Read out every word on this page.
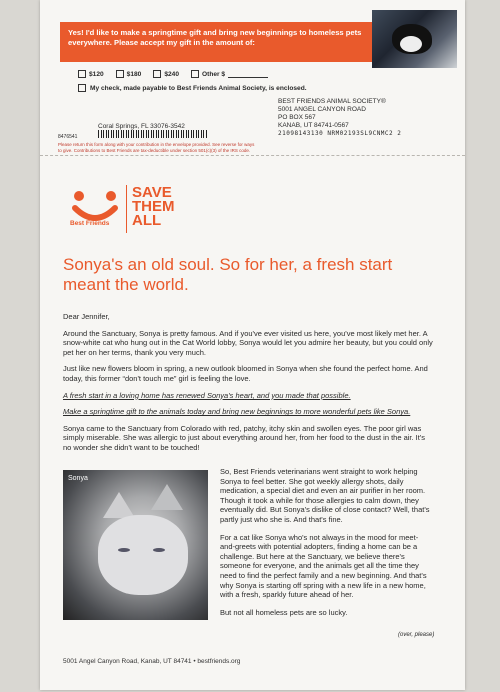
Yes! I'd like to make a springtime gift and bring new beginnings to homeless pets everywhere. Please accept my gift in the amount of:
$120	$180	$240	Other $
My check, made payable to Best Friends Animal Society, is enclosed.
8476541
Coral Springs, FL 33076-3542
BEST FRIENDS ANIMAL SOCIETY®
5001 ANGEL CANYON ROAD
PO BOX 567
KANAB, UT 84741-0567
21098143130 NRM02193SL9CNMC2 2
Please return this form along with your contribution in the envelope provided. See reverse for ways to give. Contributions to Best Friends are tax-deductible under section 501(c)(3) of the IRS code.
Best Friends
SAVE
THEM
ALL
Sonya's an old soul. So for her, a fresh start meant the world.

Dear Jennifer,

Around the Sanctuary, Sonya is pretty famous. And if you've ever visited us here, you've most likely met her. A snow-white cat who hung out in the Cat World lobby, Sonya would let you admire her beauty, but you could only pet her on her terms, thank you very much.

Just like new flowers bloom in spring, a new outlook bloomed in Sonya when she found the perfect home. And today, this former “don't touch me” girl is feeling the love.

A fresh start in a loving home has renewed Sonya's heart, and you made that possible.

Make a springtime gift to the animals today and bring new beginnings to more wonderful pets like Sonya.

Sonya came to the Sanctuary from Colorado with red, patchy, itchy skin and swollen eyes. The poor girl was simply miserable. She was allergic to just about everything around her, from her food to the dust in the air. It's no wonder she didn't want to be touched!

Sonya

So, Best Friends veterinarians went straight to work helping Sonya to feel better. She got weekly allergy shots, daily medication, a special diet and even an air purifier in her room. Though it took a while for those allergies to calm down, they eventually did. But Sonya's dislike of close contact? Well, that's partly just who she is. And that's fine.

For a cat like Sonya who's not always in the mood for meet-and-greets with potential adopters, finding a home can be a challenge. But here at the Sanctuary, we believe there's someone for everyone, and the animals get all the time they need to find the perfect family and a new beginning. And that's why Sonya is starting off spring with a new life in a new home, with a fresh, sparkly future ahead of her.

But not all homeless pets are so lucky.

(over, please)
5001 Angel Canyon Road, Kanab, UT 84741 • bestfriends.org
